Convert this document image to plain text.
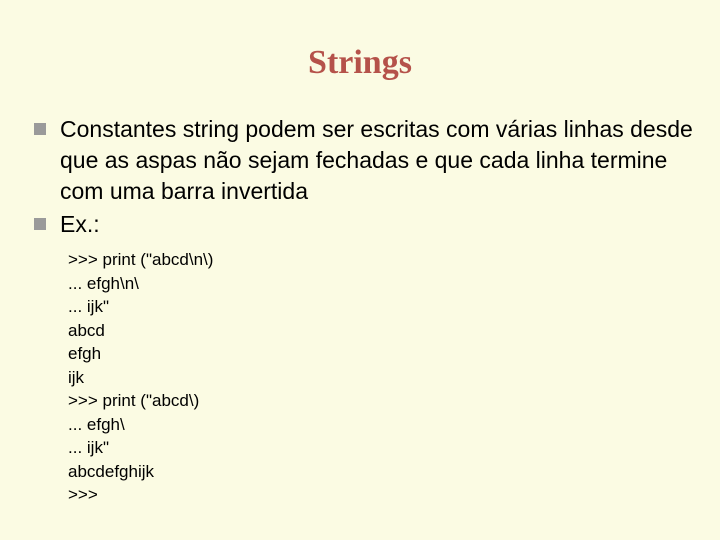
Strings
Constantes string podem ser escritas com várias linhas desde que as aspas não sejam fechadas e que cada linha termine com uma barra invertida
Ex.:
>>> print ("abcd\n\)
... efgh\n\
... ijk"
abcd
efgh
ijk
>>> print ("abcd\)
... efgh\
... ijk"
abcdefghijk
>>>
